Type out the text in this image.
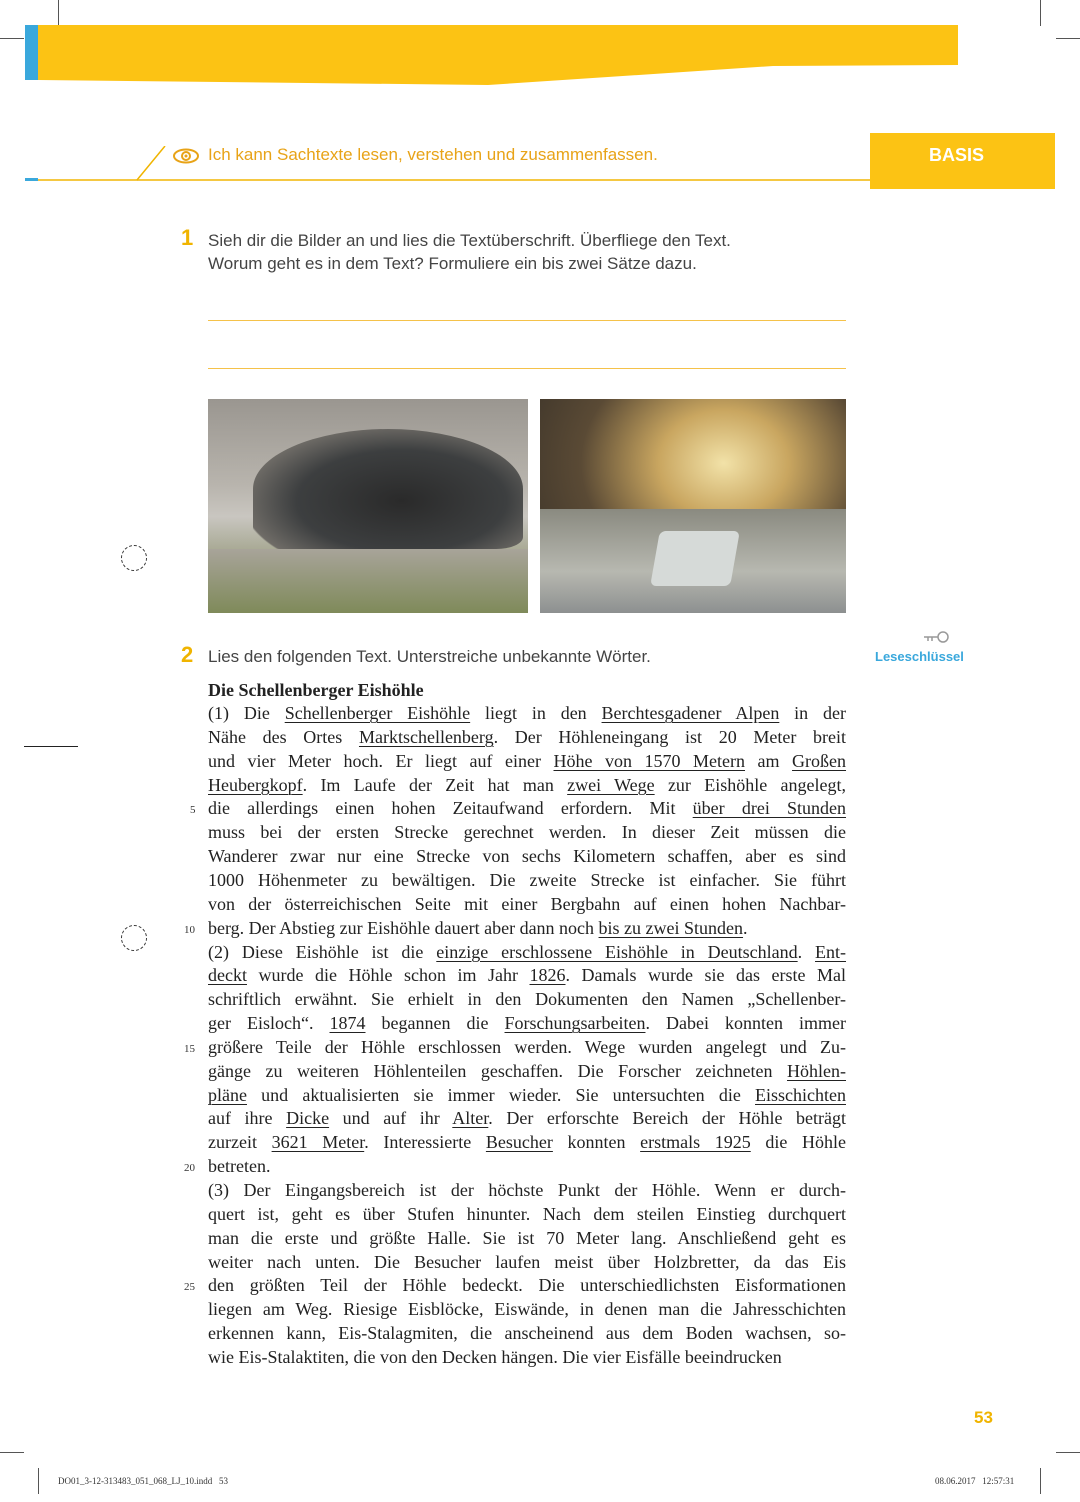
Ich kann Sachtexte lesen, verstehen und zusammenfassen.	BASIS
1 Sieh dir die Bilder an und lies die Textüberschrift. Überfliege den Text.
Worum geht es in dem Text? Formuliere ein bis zwei Sätze dazu.
2 Lies den folgenden Text. Unterstreiche unbekannte Wörter.	Leseschlüssel
Die Schellenberger Eishöhle
(1) Die Schellenberger Eishöhle liegt in den Berchtesgadener Alpen in der
Nähe des Ortes Marktschellenberg. Der Höhleneingang ist 20 Meter breit
und vier Meter hoch. Er liegt auf einer Höhe von 1570 Metern am Großen
Heubergkopf. Im Laufe der Zeit hat man zwei Wege zur Eishöhle angelegt,
die allerdings einen hohen Zeitaufwand erfordern. Mit über drei Stunden
5
muss bei der ersten Strecke gerechnet werden. In dieser Zeit müssen die
Wanderer zwar nur eine Strecke von sechs Kilometern schaffen, aber es sind
1000 Höhenmeter zu bewältigen. Die zweite Strecke ist einfacher. Sie führt
von der österreichischen Seite mit einer Bergbahn auf einen hohen Nachbar-
berg. Der Abstieg zur Eishöhle dauert aber dann noch bis zu zwei Stunden.
10
(2) Diese Eishöhle ist die einzige erschlossene Eishöhle in Deutschland. Ent-
deckt wurde die Höhle schon im Jahr 1826. Damals wurde sie das erste Mal
schriftlich erwähnt. Sie erhielt in den Dokumenten den Namen „Schellenber-
ger Eisloch“. 1874 begannen die Forschungsarbeiten. Dabei konnten immer
größere Teile der Höhle erschlossen werden. Wege wurden angelegt und Zu-
15
gänge zu weiteren Höhlenteilen geschaffen. Die Forscher zeichneten Höhlen-
pläne und aktualisierten sie immer wieder. Sie untersuchten die Eisschichten
auf ihre Dicke und auf ihr Alter. Der erforschte Bereich der Höhle beträgt
zurzeit 3621 Meter. Interessierte Besucher konnten erstmals 1925 die Höhle
betreten.
20
(3) Der Eingangsbereich ist der höchste Punkt der Höhle. Wenn er durch-
quert ist, geht es über Stufen hinunter. Nach dem steilen Einstieg durchquert
man die erste und größte Halle. Sie ist 70 Meter lang. Anschließend geht es
weiter nach unten. Die Besucher laufen meist über Holzbretter, da das Eis
den größten Teil der Höhle bedeckt. Die unterschiedlichsten Eisformationen
25
liegen am Weg. Riesige Eisblöcke, Eiswände, in denen man die Jahresschichten
erkennen kann, Eis-Stalagmiten, die anscheinend aus dem Boden wachsen, so-
wie Eis-Stalaktiten, die von den Decken hängen. Die vier Eisfälle beeindrucken
53
DO01_3-12-313483_051_068_LJ_10.indd   53	08.06.2017   12:57:31
